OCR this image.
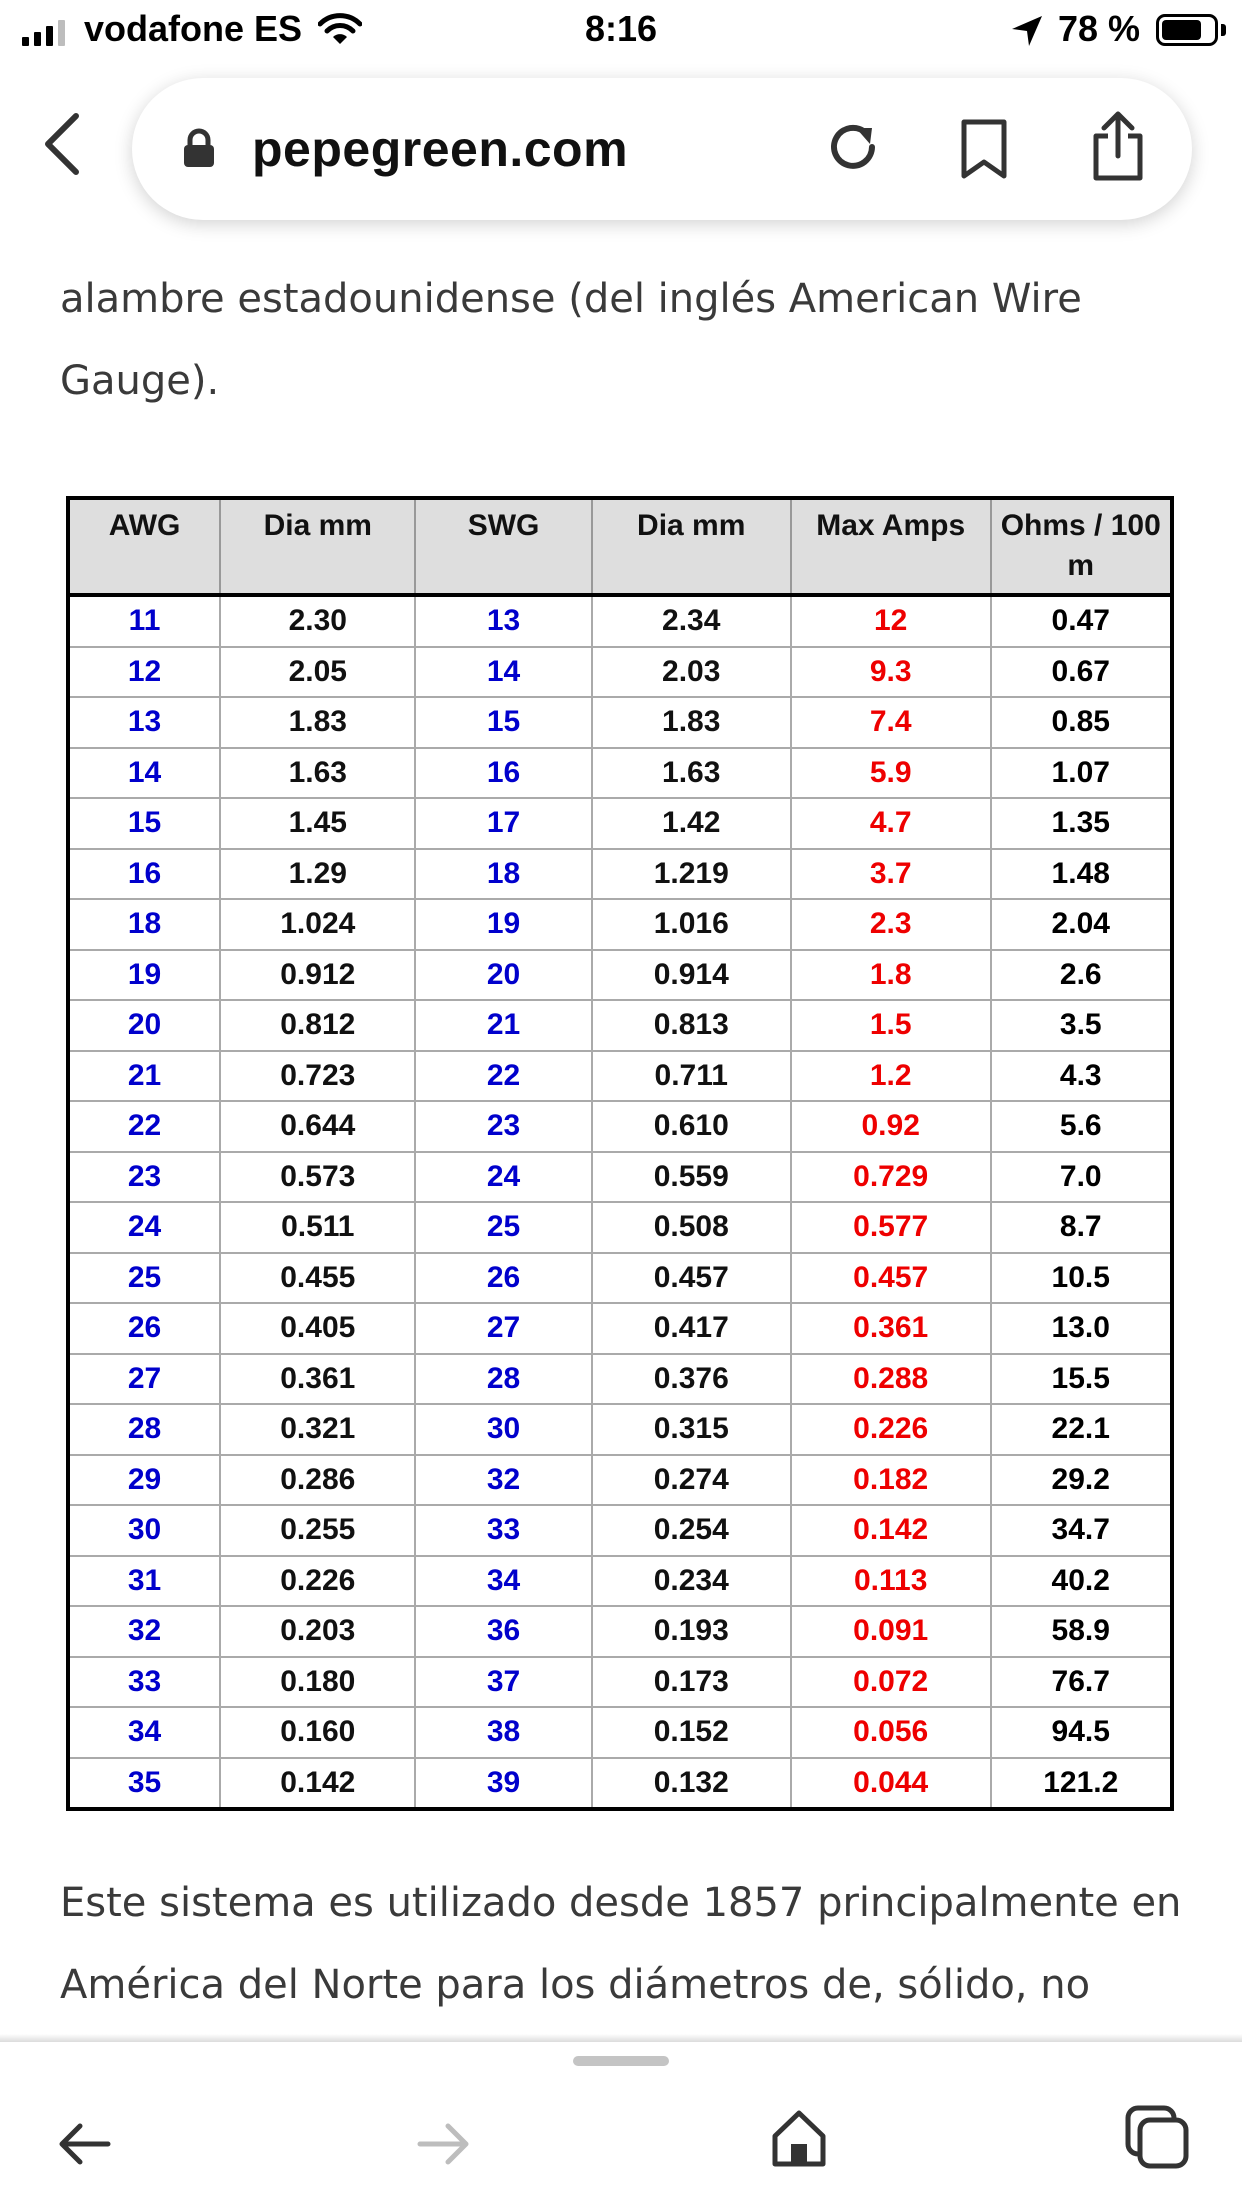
vodafone ES	8:16	78 %
pepegreen.com
alambre estadounidense (del inglés American Wire Gauge).
AWG	Dia mm	SWG	Dia mm	Max Amps	Ohms / 100 m
11	2.30	13	2.34	12	0.47
12	2.05	14	2.03	9.3	0.67
13	1.83	15	1.83	7.4	0.85
14	1.63	16	1.63	5.9	1.07
15	1.45	17	1.42	4.7	1.35
16	1.29	18	1.219	3.7	1.48
18	1.024	19	1.016	2.3	2.04
19	0.912	20	0.914	1.8	2.6
20	0.812	21	0.813	1.5	3.5
21	0.723	22	0.711	1.2	4.3
22	0.644	23	0.610	0.92	5.6
23	0.573	24	0.559	0.729	7.0
24	0.511	25	0.508	0.577	8.7
25	0.455	26	0.457	0.457	10.5
26	0.405	27	0.417	0.361	13.0
27	0.361	28	0.376	0.288	15.5
28	0.321	30	0.315	0.226	22.1
29	0.286	32	0.274	0.182	29.2
30	0.255	33	0.254	0.142	34.7
31	0.226	34	0.234	0.113	40.2
32	0.203	36	0.193	0.091	58.9
33	0.180	37	0.173	0.072	76.7
34	0.160	38	0.152	0.056	94.5
35	0.142	39	0.132	0.044	121.2
Este sistema es utilizado desde 1857 principalmente en América del Norte para los diámetros de, sólido, no
